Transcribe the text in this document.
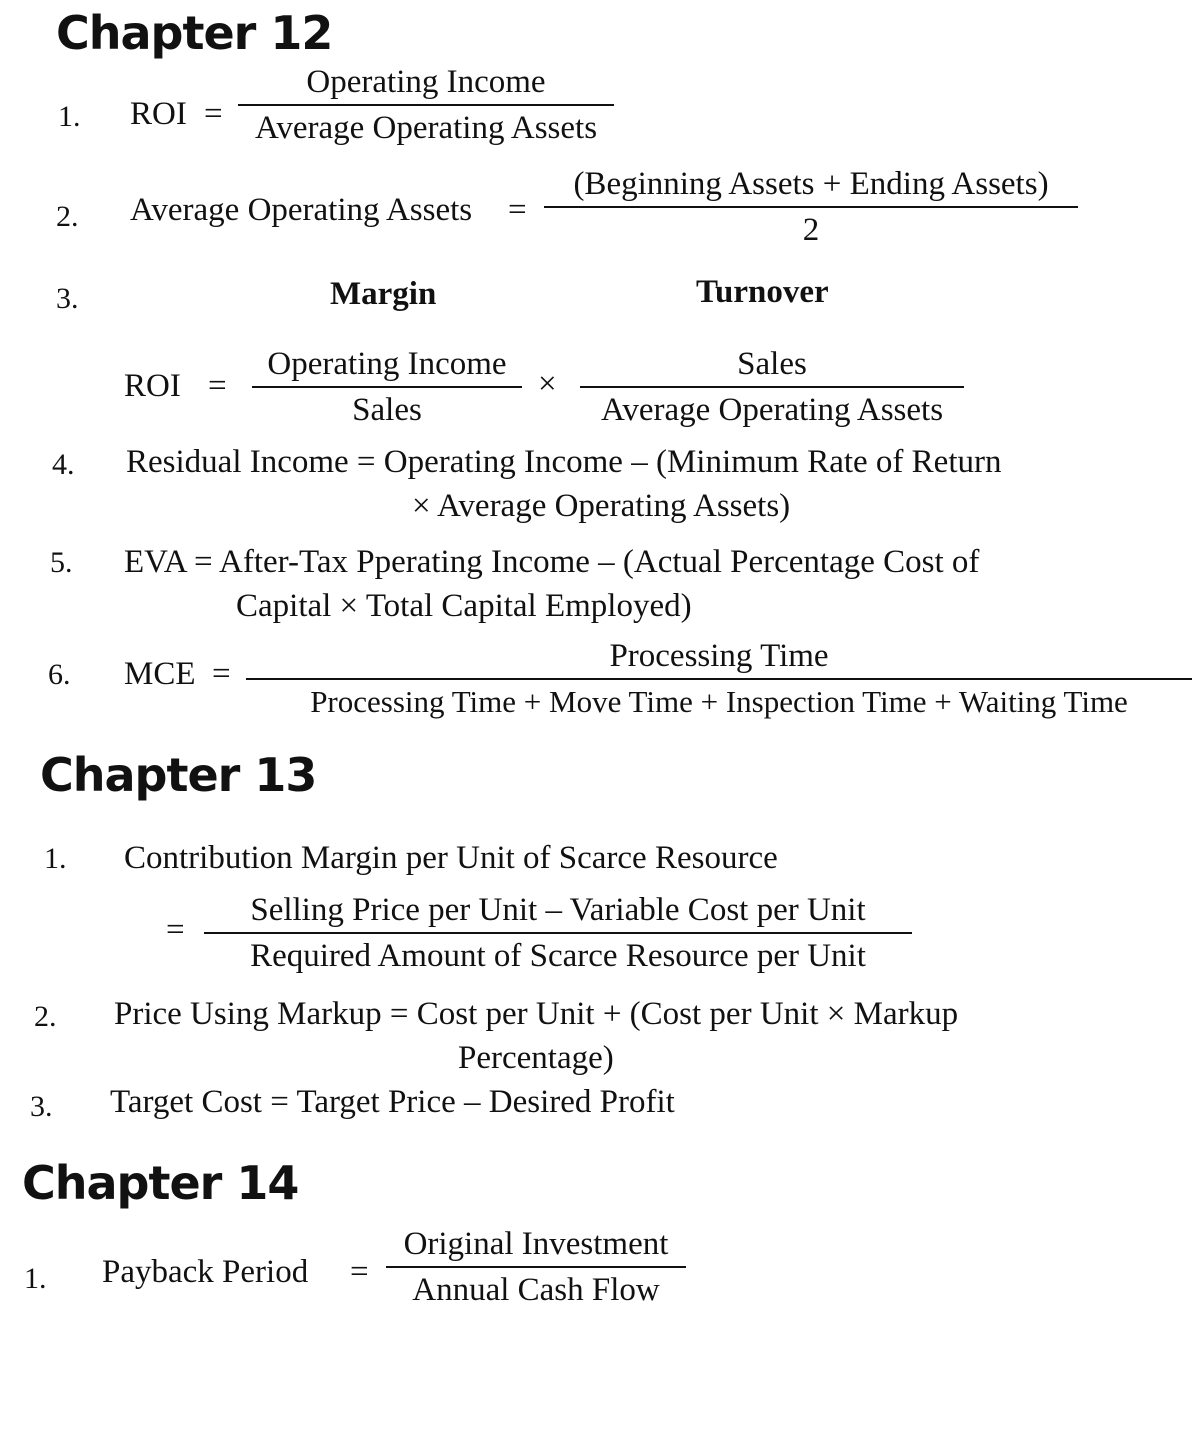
Chapter 12
1. ROI =
Operating Income
Average Operating Assets
2. Average Operating Assets =
(Beginning Assets + Ending Assets)
2
3.	Margin	Turnover
ROI =
Operating Income
Sales
×
Sales
Average Operating Assets
4. Residual Income = Operating Income – (Minimum Rate of Return
× Average Operating Assets)
5. EVA = After-Tax Pperating Income – (Actual Percentage Cost of
Capital × Total Capital Employed)
6. MCE =	Processing Time
Processing Time + Move Time + Inspection Time + Waiting Time
Chapter 13
1. Contribution Margin per Unit of Scarce Resource
=
Selling Price per Unit – Variable Cost per Unit
Required Amount of Scarce Resource per Unit
2. Price Using Markup = Cost per Unit + (Cost per Unit × Markup
Percentage)
3. Target Cost = Target Price – Desired Profit
Chapter 14
1. Payback Period =
Original Investment
Annual Cash Flow
